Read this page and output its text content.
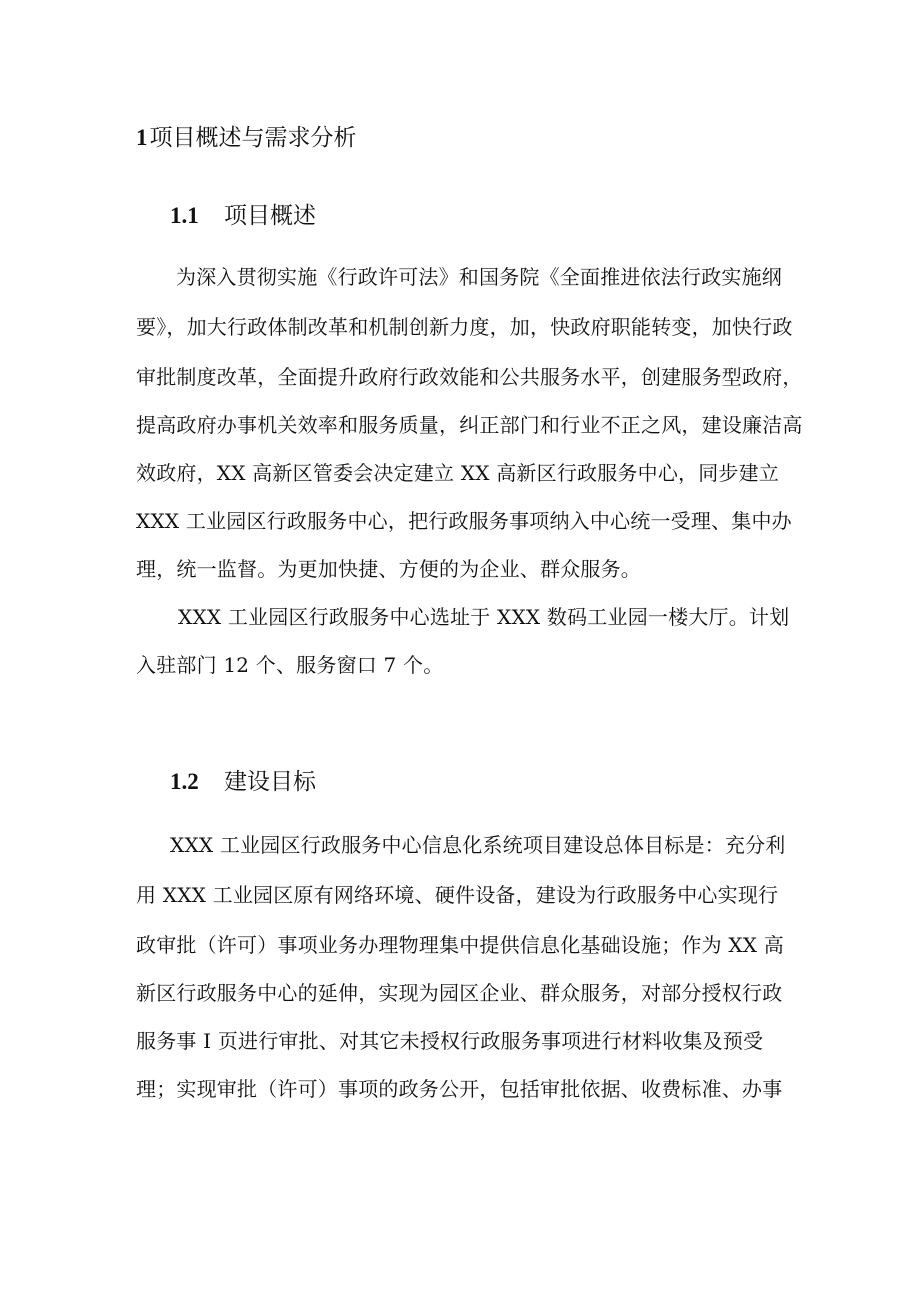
1项目概述与需求分析
1.1 项目概述
为深入贯彻实施《行政许可法》和国务院《全面推进依法行政实施纲
要》，加大行政体制改革和机制创新力度，加，快政府职能转变，加快行政
审批制度改革，全面提升政府行政效能和公共服务水平，创建服务型政府，
提高政府办事机关效率和服务质量，纠正部门和行业不正之风，建设廉洁高
效政府，XX 高新区管委会决定建立 XX 高新区行政服务中心，同步建立
XXX 工业园区行政服务中心，把行政服务事项纳入中心统一受理、集中办
理，统一监督。为更加快捷、方便的为企业、群众服务。
XXX 工业园区行政服务中心选址于 XXX 数码工业园一楼大厅。计划
入驻部门 12 个、服务窗口 7 个。
1.2 建设目标
XXX 工业园区行政服务中心信息化系统项目建设总体目标是：充分利
用 XXX 工业园区原有网络环境、硬件设备，建设为行政服务中心实现行
政审批（许可）事项业务办理物理集中提供信息化基础设施；作为 XX 高
新区行政服务中心的延伸，实现为园区企业、群众服务，对部分授权行政
服务事 I 页进行审批、对其它未授权行政服务事项进行材料收集及预受
理；实现审批（许可）事项的政务公开，包括审批依据、收费标准、办事
